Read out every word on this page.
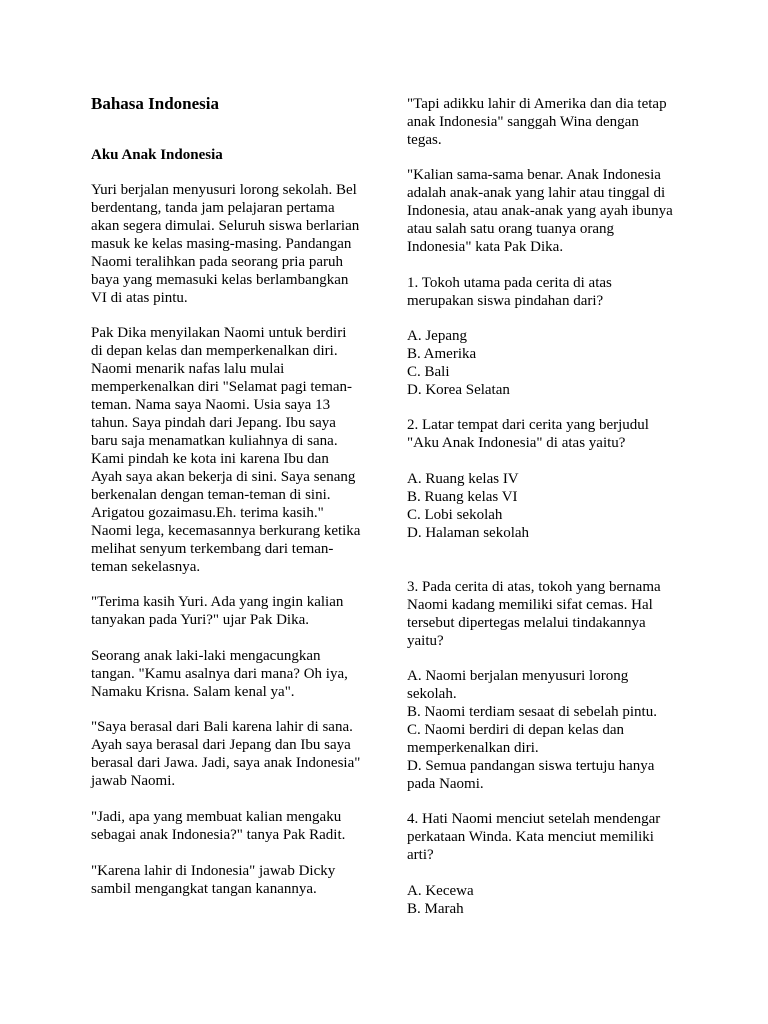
Bahasa Indonesia
Aku Anak Indonesia

Yuri berjalan menyusuri lorong sekolah. Bel
berdentang, tanda jam pelajaran pertama
akan segera dimulai. Seluruh siswa berlarian
masuk ke kelas masing-masing. Pandangan
Naomi teralihkan pada seorang pria paruh
baya yang memasuki kelas berlambangkan
VI di atas pintu.

Pak Dika menyilakan Naomi untuk berdiri
di depan kelas dan memperkenalkan diri.
Naomi menarik nafas lalu mulai
memperkenalkan diri "Selamat pagi teman-
teman. Nama saya Naomi. Usia saya 13
tahun. Saya pindah dari Jepang. Ibu saya
baru saja menamatkan kuliahnya di sana.
Kami pindah ke kota ini karena Ibu dan
Ayah saya akan bekerja di sini. Saya senang
berkenalan dengan teman-teman di sini.
Arigatou gozaimasu.Eh. terima kasih."
Naomi lega, kecemasannya berkurang ketika
melihat senyum terkembang dari teman-
teman sekelasnya.

"Terima kasih Yuri. Ada yang ingin kalian
tanyakan pada Yuri?" ujar Pak Dika.

Seorang anak laki-laki mengacungkan
tangan. "Kamu asalnya dari mana? Oh iya,
Namaku Krisna. Salam kenal ya".

"Saya berasal dari Bali karena lahir di sana.
Ayah saya berasal dari Jepang dan Ibu saya
berasal dari Jawa. Jadi, saya anak Indonesia"
jawab Naomi.

"Jadi, apa yang membuat kalian mengaku
sebagai anak Indonesia?" tanya Pak Radit.

"Karena lahir di Indonesia" jawab Dicky
sambil mengangkat tangan kanannya.

"Tapi adikku lahir di Amerika dan dia tetap
anak Indonesia" sanggah Wina dengan
tegas.

"Kalian sama-sama benar. Anak Indonesia
adalah anak-anak yang lahir atau tinggal di
Indonesia, atau anak-anak yang ayah ibunya
atau salah satu orang tuanya orang
Indonesia" kata Pak Dika.

1. Tokoh utama pada cerita di atas
merupakan siswa pindahan dari?

A. Jepang
B. Amerika
C. Bali
D. Korea Selatan

2. Latar tempat dari cerita yang berjudul
"Aku Anak Indonesia" di atas yaitu?

A. Ruang kelas IV
B. Ruang kelas VI
C. Lobi sekolah
D. Halaman sekolah

3. Pada cerita di atas, tokoh yang bernama
Naomi kadang memiliki sifat cemas. Hal
tersebut dipertegas melalui tindakannya
yaitu?

A. Naomi berjalan menyusuri lorong
sekolah.
B. Naomi terdiam sesaat di sebelah pintu.
C. Naomi berdiri di depan kelas dan
memperkenalkan diri.
D. Semua pandangan siswa tertuju hanya
pada Naomi.

4. Hati Naomi menciut setelah mendengar
perkataan Winda. Kata menciut memiliki
arti?

A. Kecewa
B. Marah
